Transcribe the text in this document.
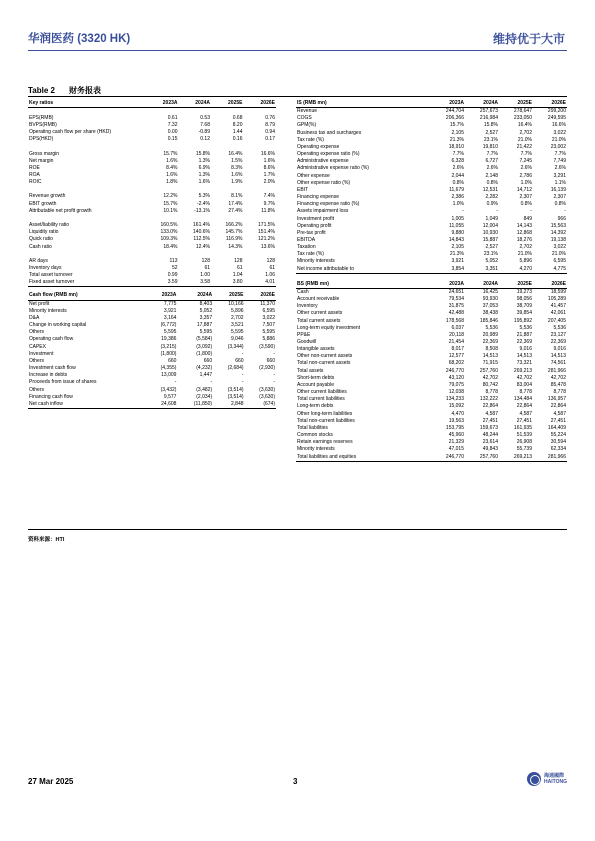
华润医药 (3320 HK)	维持优于大市
Table 2 财务报表
Key ratios	2023A	2024A	2025E	2026E

EPS(RMB)	0.61	0.53	0.68	0.76
BVPS(RMB)	7.32	7.68	8.20	8.79
Operating cash flow per share (HKD)	0.00	-0.89	1.44	0.94
DPS(HKD)	0.15	0.12	0.16	0.17

Gross margin	15.7%	15.8%	16.4%	16.6%
Net margin	1.6%	1.3%	1.5%	1.6%
ROE	8.4%	6.9%	8.3%	8.6%
ROA	1.6%	1.3%	1.6%	1.7%
ROIC	1.8%	1.6%	1.9%	2.0%

Revenue growth	12.2%	5.3%	8.1%	7.4%
EBIT growth	15.7%	-2.4%	17.4%	9.7%
Attributable net profit growth	10.1%	-13.1%	27.4%	11.8%

Asset/liability ratio	160.5%	161.4%	166.2%	171.5%
Liquidity ratio	133.0%	140.6%	145.7%	151.4%
Quick ratio	109.3%	112.5%	116.9%	121.2%
Cash ratio	18.4%	12.4%	14.3%	13.6%

AR days	113	128	128	128
Inventory days	52	61	61	61
Total asset turnover	0.99	1.00	1.04	1.06
Fixed asset turnover	3.59	3.58	3.80	4.01
Cash flow (RMB mn)	2023A	2024A	2025E	2026E
Net profit	7,775	8,403	10,166	11,370
Minority interests	3,921	5,052	5,896	6,595
D&A	3,164	3,357	2,702	3,022
Change in working capital	(6,772)	17,887	3,521	7,507
Others	5,595	5,595	5,595	5,595
Operating cash flow	19,386	(5,584)	9,046	5,886
CAPEX	(3,215)	(3,092)	(3,344)	(3,590)
Investment	(1,800)	(1,800)	-	-
Others	660	660	660	660
Investment cash flow	(4,355)	(4,232)	(2,684)	(2,930)
Increase in debts	13,009	1,447	-	-
Proceeds from issue of shares	-	-	-	-
Others	(3,432)	(3,482)	(3,514)	(3,630)
Financing cash flow	9,577	(2,034)	(3,514)	(3,630)
Net cash inflow	24,608	(11,850)	2,848	(674)
IS (RMB mn)	2023A	2024A	2025E	2026E
Revenue	244,704	257,673	278,647	299,200
COGS	206,366	216,984	233,050	249,595
GPM(%)	15.7%	15.8%	16.4%	16.6%
Business tax and surcharges	2,105	2,527	2,702	3,022
Tax rate (%)	21.3%	23.1%	21.0%	21.0%
Operating expense	18,910	19,810	21,422	23,002
Operating expense ratio (%)	7.7%	7.7%	7.7%	7.7%
Administrative expense	6,328	6,727	7,245	7,749
Administrative expense ratio (%)	2.6%	2.6%	2.6%	2.6%
Other expense	2,044	2,148	2,786	3,291
Other expense ratio (%)	0.8%	0.8%	1.0%	1.1%
EBIT	11,679	12,531	14,712	16,139
Financing expense	2,386	2,282	2,307	2,307
Financing expense ratio (%)	1.0%	0.9%	0.8%	0.8%
Assets impairment loss	-	-	-	-
Investment profit	1,005	1,049	849	966
Operating profit	11,055	12,004	14,143	15,563
Pre-tax profit	9,880	10,930	12,868	14,392
EBITDA	14,843	15,887	18,276	19,138
Taxation	2,105	2,527	2,702	3,022
Tax rate (%)	21.3%	23.1%	21.0%	21.0%
Minority interests	3,921	5,052	5,896	6,595
Net income attributable to	3,854	3,351	4,270	4,775
BS (RMB mn)	2023A	2024A	2025E	2026E
Cash	24,651	16,425	19,273	18,599
Account receivable	79,534	93,930	98,056	105,289
Inventory	31,875	37,053	38,709	41,457
Other current assets	42,488	38,438	39,854	42,061
Total current assets	178,568	185,846	195,892	207,405
Long-term equity investment	6,037	5,536	5,536	5,536
PP&E	20,118	20,989	21,887	23,127
Goodwill	21,454	22,369	22,369	22,369
Intangible assets	8,017	8,508	9,016	9,016
Other non-current assets	12,577	14,513	14,513	14,513
Total non-current assets	68,202	71,915	73,321	74,561
Total assets	246,770	257,760	269,213	281,966
Short-term debts	43,120	42,702	42,702	42,702
Account payable	79,075	80,742	83,004	85,478
Other current liabilities	12,038	8,778	8,778	8,778
Total current liabilities	134,233	132,222	134,484	136,957
Long-term debts	15,092	22,864	22,864	22,864
Other long-term liabilities	4,470	4,587	4,587	4,587
Total non-current liabilities	19,563	27,451	27,451	27,451
Total liabilities	153,795	159,673	161,935	164,409
Common stocks	45,960	48,244	51,539	55,224
Retain earnings reserves	21,329	23,614	26,908	30,594
Minority interests	47,015	49,843	55,739	62,334
Total liabilities and equities	246,770	257,760	269,213	281,966
资料来源：HTI
27 Mar 2025	3
海通國際
HAITONG
